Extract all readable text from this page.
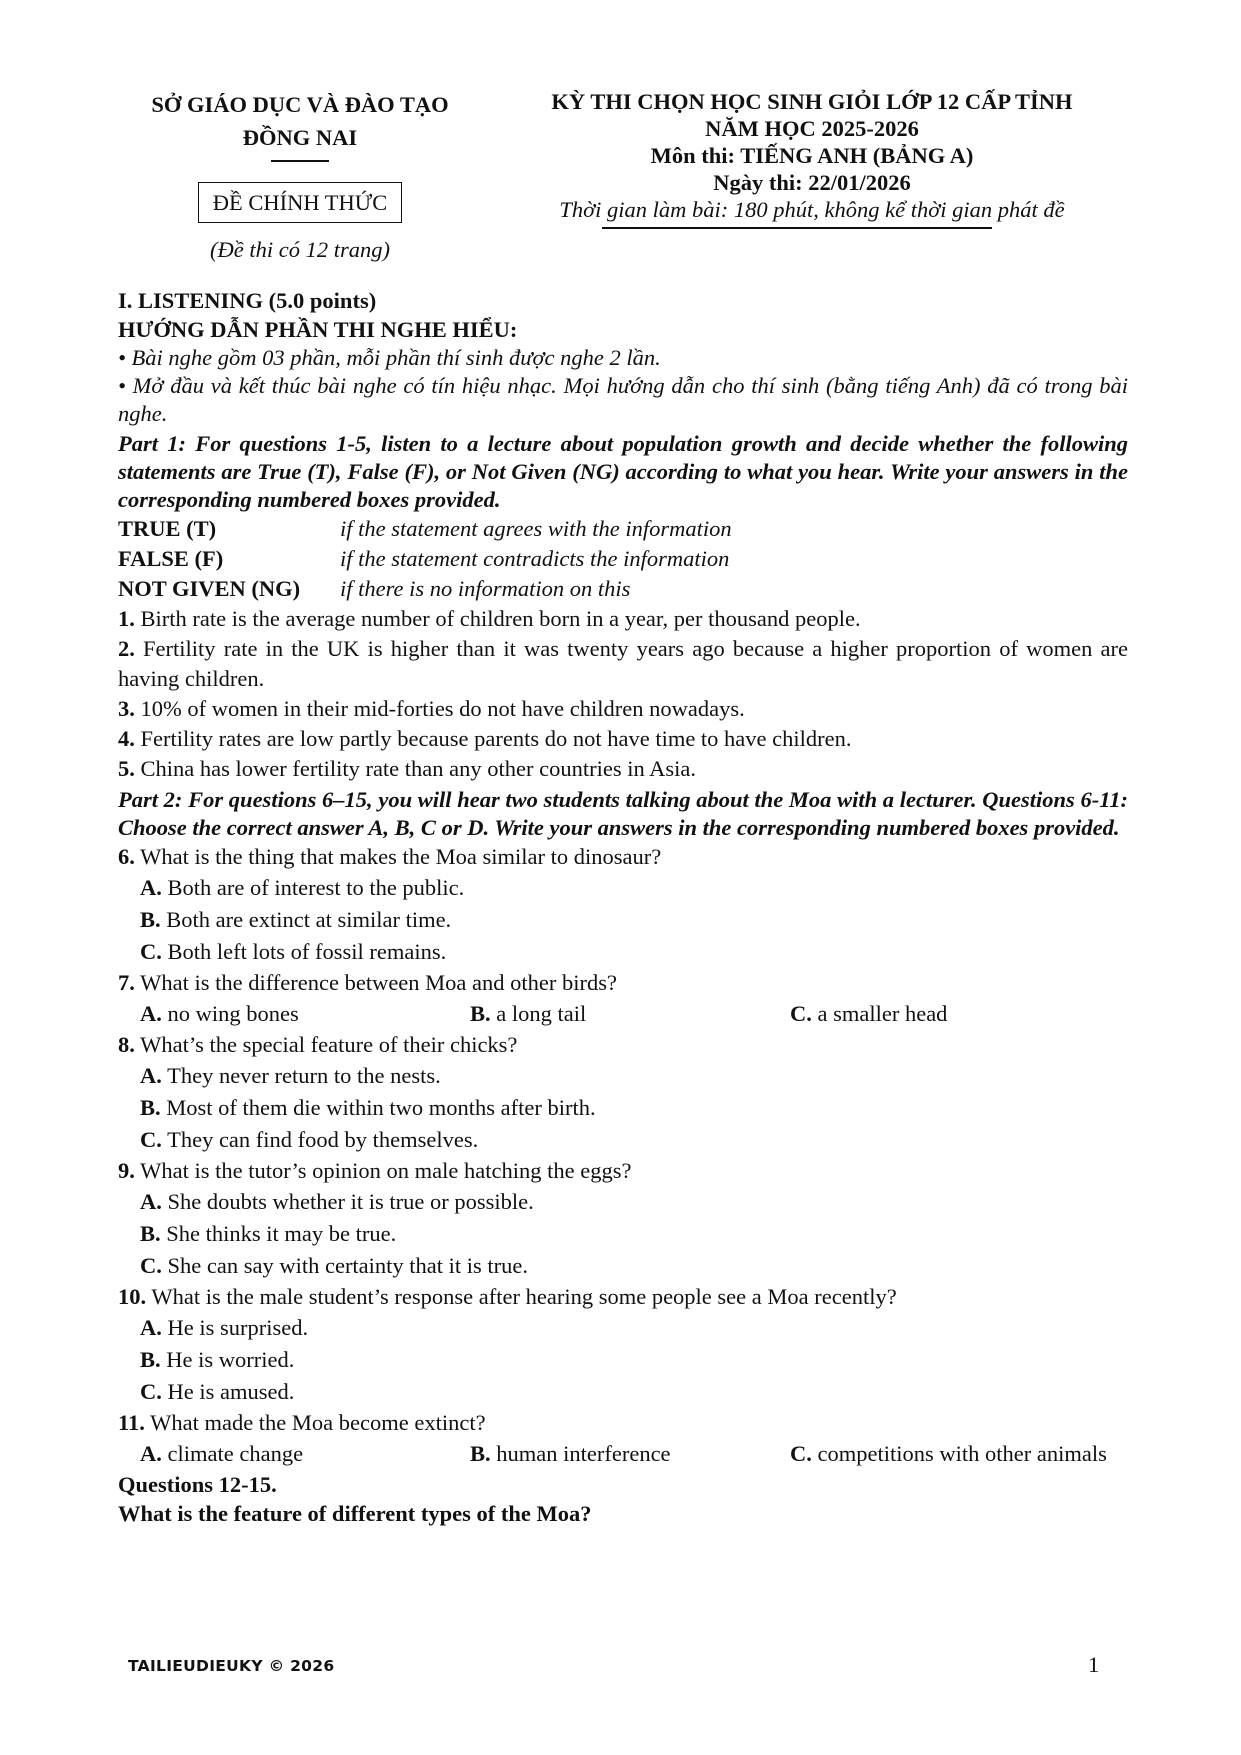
SỞ GIÁO DỤC VÀ ĐÀO TẠO
ĐỒNG NAI
ĐỀ CHÍNH THỨC
(Đề thi có 12 trang)
KỲ THI CHỌN HỌC SINH GIỎI LỚP 12 CẤP TỈNH
NĂM HỌC 2025-2026
Môn thi: TIẾNG ANH (BẢNG A)
Ngày thi: 22/01/2026
Thời gian làm bài: 180 phút, không kể thời gian phát đề
I. LISTENING (5.0 points)
HƯỚNG DẪN PHẦN THI NGHE HIỂU:
• Bài nghe gồm 03 phần, mỗi phần thí sinh được nghe 2 lần.
• Mở đầu và kết thúc bài nghe có tín hiệu nhạc. Mọi hướng dẫn cho thí sinh (bằng tiếng Anh) đã có trong bài nghe.
Part 1: For questions 1-5, listen to a lecture about population growth and decide whether the following statements are True (T), False (F), or Not Given (NG) according to what you hear. Write your answers in the corresponding numbered boxes provided.
TRUE (T)	if the statement agrees with the information
FALSE (F)	if the statement contradicts the information
NOT GIVEN (NG)	if there is no information on this
1. Birth rate is the average number of children born in a year, per thousand people.
2. Fertility rate in the UK is higher than it was twenty years ago because a higher proportion of women are having children.
3. 10% of women in their mid-forties do not have children nowadays.
4. Fertility rates are low partly because parents do not have time to have children.
5. China has lower fertility rate than any other countries in Asia.
Part 2: For questions 6–15, you will hear two students talking about the Moa with a lecturer. Questions 6-11: Choose the correct answer A, B, C or D. Write your answers in the corresponding numbered boxes provided.
6. What is the thing that makes the Moa similar to dinosaur?
A. Both are of interest to the public.
B. Both are extinct at similar time.
C. Both left lots of fossil remains.
7. What is the difference between Moa and other birds?
A. no wing bones	B. a long tail	C. a smaller head
8. What’s the special feature of their chicks?
A. They never return to the nests.
B. Most of them die within two months after birth.
C. They can find food by themselves.
9. What is the tutor’s opinion on male hatching the eggs?
A. She doubts whether it is true or possible.
B. She thinks it may be true.
C. She can say with certainty that it is true.
10. What is the male student’s response after hearing some people see a Moa recently?
A. He is surprised.
B. He is worried.
C. He is amused.
11. What made the Moa become extinct?
A. climate change	B. human interference	C. competitions with other animals
Questions 12-15.
What is the feature of different types of the Moa?
TAILIEUDIEUKY © 2026	1
